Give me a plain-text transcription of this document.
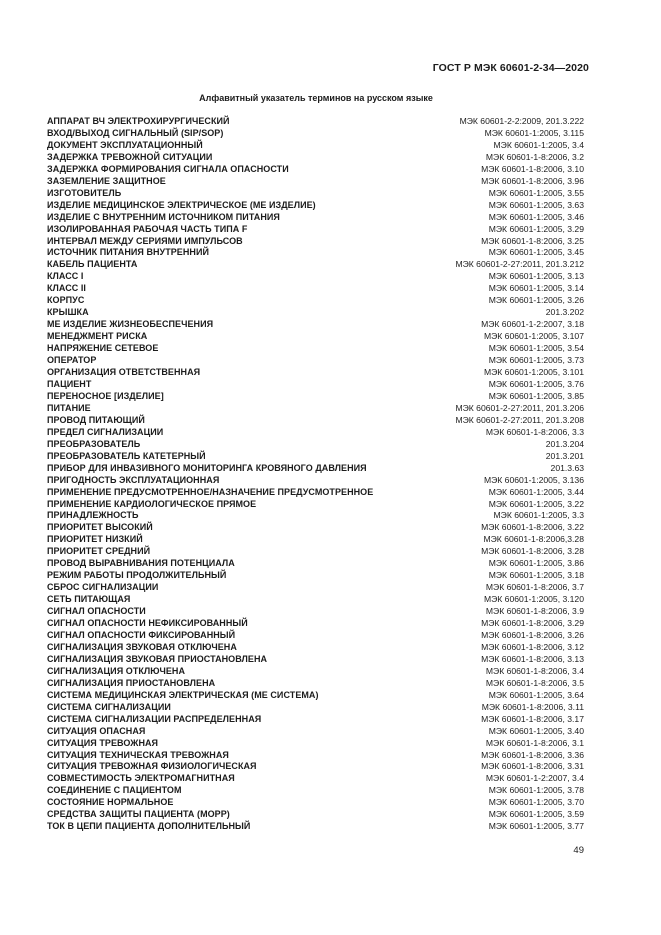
ГОСТ Р МЭК 60601-2-34—2020
Алфавитный указатель терминов на русском языке
АППАРАТ ВЧ ЭЛЕКТРОХИРУРГИЧЕСКИЙ	МЭК 60601-2-2:2009, 201.3.222
ВХОД/ВЫХОД СИГНАЛЬНЫЙ (SIP/SOP)	МЭК 60601-1:2005, 3.115
ДОКУМЕНТ ЭКСПЛУАТАЦИОННЫЙ	МЭК 60601-1:2005, 3.4
ЗАДЕРЖКА ТРЕВОЖНОЙ СИТУАЦИИ	МЭК 60601-1-8:2006, 3.2
ЗАДЕРЖКА ФОРМИРОВАНИЯ СИГНАЛА ОПАСНОСТИ	МЭК 60601-1-8:2006, 3.10
ЗАЗЕМЛЕНИЕ ЗАЩИТНОЕ	МЭК 60601-1-8:2006, 3.96
ИЗГОТОВИТЕЛЬ	МЭК 60601-1:2005, 3.55
ИЗДЕЛИЕ МЕДИЦИНСКОЕ ЭЛЕКТРИЧЕСКОЕ (МЕ ИЗДЕЛИЕ)	МЭК 60601-1:2005, 3.63
ИЗДЕЛИЕ С ВНУТРЕННИМ ИСТОЧНИКОМ ПИТАНИЯ	МЭК 60601-1:2005, 3.46
ИЗОЛИРОВАННАЯ РАБОЧАЯ ЧАСТЬ ТИПА F	МЭК 60601-1:2005, 3.29
ИНТЕРВАЛ МЕЖДУ СЕРИЯМИ ИМПУЛЬСОВ	МЭК 60601-1-8:2006, 3.25
ИСТОЧНИК ПИТАНИЯ ВНУТРЕННИЙ	МЭК 60601-1:2005, 3.45
КАБЕЛЬ ПАЦИЕНТА	МЭК 60601-2-27:2011, 201.3.212
КЛАСС I	МЭК 60601-1:2005, 3.13
КЛАСС II	МЭК 60601-1:2005, 3.14
КОРПУС	МЭК 60601-1:2005, 3.26
КРЫШКА	201.3.202
МЕ ИЗДЕЛИЕ ЖИЗНЕОБЕСПЕЧЕНИЯ	МЭК 60601-1-2:2007, 3.18
МЕНЕДЖМЕНТ РИСКА	МЭК 60601-1:2005, 3.107
НАПРЯЖЕНИЕ СЕТЕВОЕ	МЭК 60601-1:2005, 3.54
ОПЕРАТОР	МЭК 60601-1:2005, 3.73
ОРГАНИЗАЦИЯ ОТВЕТСТВЕННАЯ	МЭК 60601-1:2005, 3.101
ПАЦИЕНТ	МЭК 60601-1:2005, 3.76
ПЕРЕНОСНОЕ [ИЗДЕЛИЕ]	МЭК 60601-1:2005, 3.85
ПИТАНИЕ	МЭК 60601-2-27:2011, 201.3.206
ПРОВОД ПИТАЮЩИЙ	МЭК 60601-2-27:2011, 201.3.208
ПРЕДЕЛ СИГНАЛИЗАЦИИ	МЭК 60601-1-8:2006, 3.3
ПРЕОБРАЗОВАТЕЛЬ	201.3.204
ПРЕОБРАЗОВАТЕЛЬ КАТЕТЕРНЫЙ	201.3.201
ПРИБОР ДЛЯ ИНВАЗИВНОГО МОНИТОРИНГА КРОВЯНОГО ДАВЛЕНИЯ	201.3.63
ПРИГОДНОСТЬ ЭКСПЛУАТАЦИОННАЯ	МЭК 60601-1:2005, 3.136
ПРИМЕНЕНИЕ ПРЕДУСМОТРЕННОЕ/НАЗНАЧЕНИЕ ПРЕДУСМОТРЕННОЕ	МЭК 60601-1:2005, 3.44
ПРИМЕНЕНИЕ КАРДИОЛОГИЧЕСКОЕ ПРЯМОЕ	МЭК 60601-1:2005, 3.22
ПРИНАДЛЕЖНОСТЬ	МЭК 60601-1:2005, 3.3
ПРИОРИТЕТ ВЫСОКИЙ	МЭК 60601-1-8:2006, 3.22
ПРИОРИТЕТ НИЗКИЙ	МЭК 60601-1-8:2006,3.28
ПРИОРИТЕТ СРЕДНИЙ	МЭК 60601-1-8:2006, 3.28
ПРОВОД ВЫРАВНИВАНИЯ ПОТЕНЦИАЛА	МЭК 60601-1:2005, 3.86
РЕЖИМ РАБОТЫ ПРОДОЛЖИТЕЛЬНЫЙ	МЭК 60601-1:2005, 3.18
СБРОС СИГНАЛИЗАЦИИ	МЭК 60601-1-8:2006, 3.7
СЕТЬ ПИТАЮЩАЯ	МЭК 60601-1:2005, 3.120
СИГНАЛ ОПАСНОСТИ	МЭК 60601-1-8:2006, 3.9
СИГНАЛ ОПАСНОСТИ НЕФИКСИРОВАННЫЙ	МЭК 60601-1-8:2006, 3.29
СИГНАЛ ОПАСНОСТИ ФИКСИРОВАННЫЙ	МЭК 60601-1-8:2006, 3.26
СИГНАЛИЗАЦИЯ ЗВУКОВАЯ ОТКЛЮЧЕНА	МЭК 60601-1-8:2006, 3.12
СИГНАЛИЗАЦИЯ ЗВУКОВАЯ ПРИОСТАНОВЛЕНА	МЭК 60601-1-8:2006, 3.13
СИГНАЛИЗАЦИЯ ОТКЛЮЧЕНА	МЭК 60601-1-8:2006, 3.4
СИГНАЛИЗАЦИЯ ПРИОСТАНОВЛЕНА	МЭК 60601-1-8:2006, 3.5
СИСТЕМА МЕДИЦИНСКАЯ ЭЛЕКТРИЧЕСКАЯ (МЕ СИСТЕМА)	МЭК 60601-1:2005, 3.64
СИСТЕМА СИГНАЛИЗАЦИИ	МЭК 60601-1-8:2006, 3.11
СИСТЕМА СИГНАЛИЗАЦИИ РАСПРЕДЕЛЕННАЯ	МЭК 60601-1-8:2006, 3.17
СИТУАЦИЯ ОПАСНАЯ	МЭК 60601-1:2005, 3.40
СИТУАЦИЯ ТРЕВОЖНАЯ	МЭК 60601-1-8:2006, 3.1
СИТУАЦИЯ ТЕХНИЧЕСКАЯ ТРЕВОЖНАЯ	МЭК 60601-1-8:2006, 3.36
СИТУАЦИЯ ТРЕВОЖНАЯ ФИЗИОЛОГИЧЕСКАЯ	МЭК 60601-1-8:2006, 3.31
СОВМЕСТИМОСТЬ ЭЛЕКТРОМАГНИТНАЯ	МЭК 60601-1-2:2007, 3.4
СОЕДИНЕНИЕ С ПАЦИЕНТОМ	МЭК 60601-1:2005, 3.78
СОСТОЯНИЕ НОРМАЛЬНОЕ	МЭК 60601-1:2005, 3.70
СРЕДСТВА ЗАЩИТЫ ПАЦИЕНТА (МОРР)	МЭК 60601-1:2005, 3.59
ТОК В ЦЕПИ ПАЦИЕНТА ДОПОЛНИТЕЛЬНЫЙ	МЭК 60601-1:2005, 3.77
49
